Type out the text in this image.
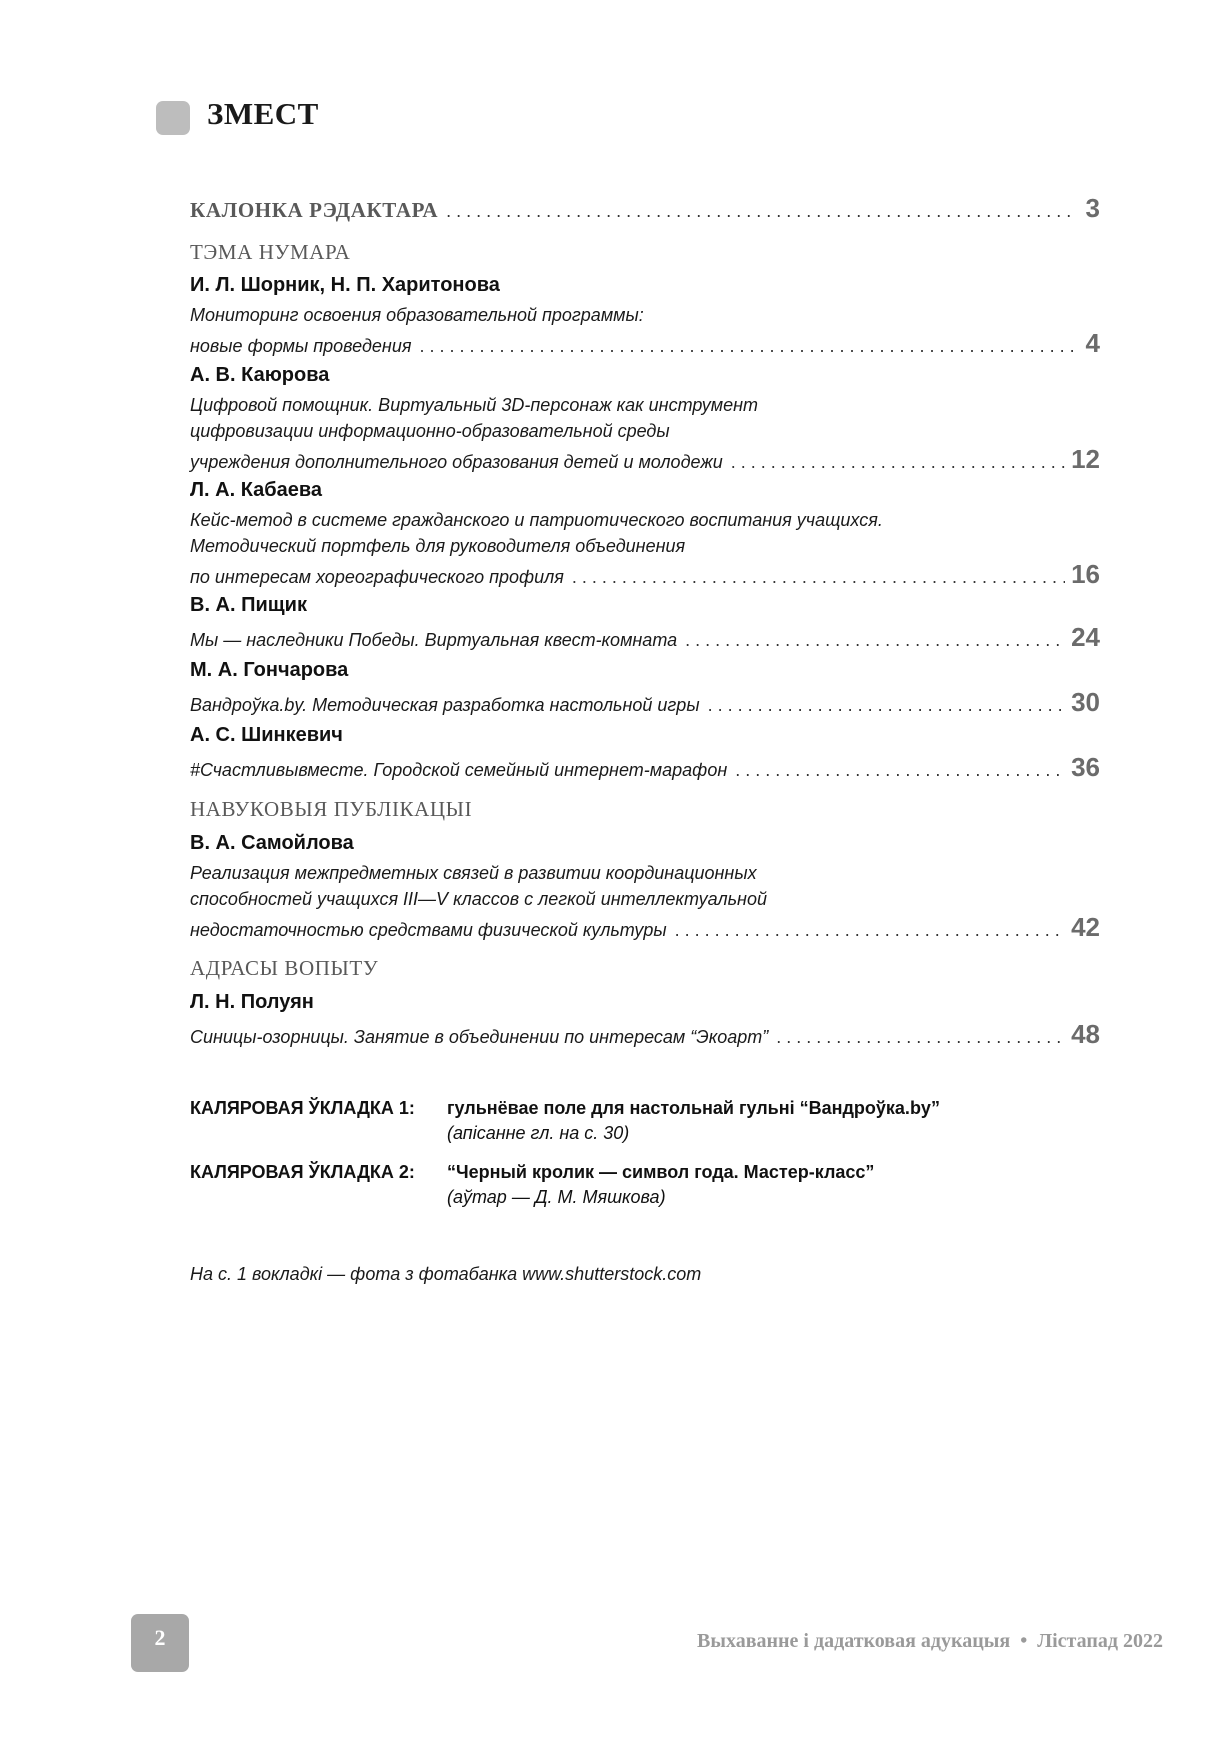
ЗМЕСТ
КАЛОНКА РЭДАКТАРА . . .	3
ТЭМА НУМАРА
И. Л. Шорник, Н. П. Харитонова
Мониторинг освоения образовательной программы:
новые формы проведения . . .	4
А. В. Каюрова
Цифровой помощник. Виртуальный 3D-персонаж как инструмент
цифровизации информационно-образовательной среды
учреждения дополнительного образования детей и молодежи . . .	12
Л. А. Кабаева
Кейс-метод в системе гражданского и патриотического воспитания учащихся.
Методический портфель для руководителя объединения
по интересам хореографического профиля . . .	16
В. А. Пищик
Мы — наследники Победы. Виртуальная квест-комната . . .	24
М. А. Гончарова
Вандроўка.by. Методическая разработка настольной игры . . .	30
А. С. Шинкевич
#Счастливывместе. Городской семейный интернет-марафон . . .	36
НАВУКОВЫЯ ПУБЛІКАЦЫІ
В. А. Самойлова
Реализация межпредметных связей в развитии координационных
способностей учащихся III—V классов с легкой интеллектуальной
недостаточностью средствами физической культуры . . .	42
АДРАСЫ ВОПЫТУ
Л. Н. Полуян
Синицы-озорницы. Занятие в объединении по интересам “Экоарт” . . .	48
КАЛЯРОВАЯ ЎКЛАДКА 1: гульнёвае поле для настольнай гульні “Вандроўка.by”
(апісанне гл. на с. 30)
КАЛЯРОВАЯ ЎКЛАДКА 2: “Черный кролик — символ года. Мастер-класс”
(аўтар — Д. М. Мяшкова)
На с. 1 вокладкі — фота з фотабанка www.shutterstock.com
2	Выхаванне і дадатковая адукацыя • Лістапад 2022
